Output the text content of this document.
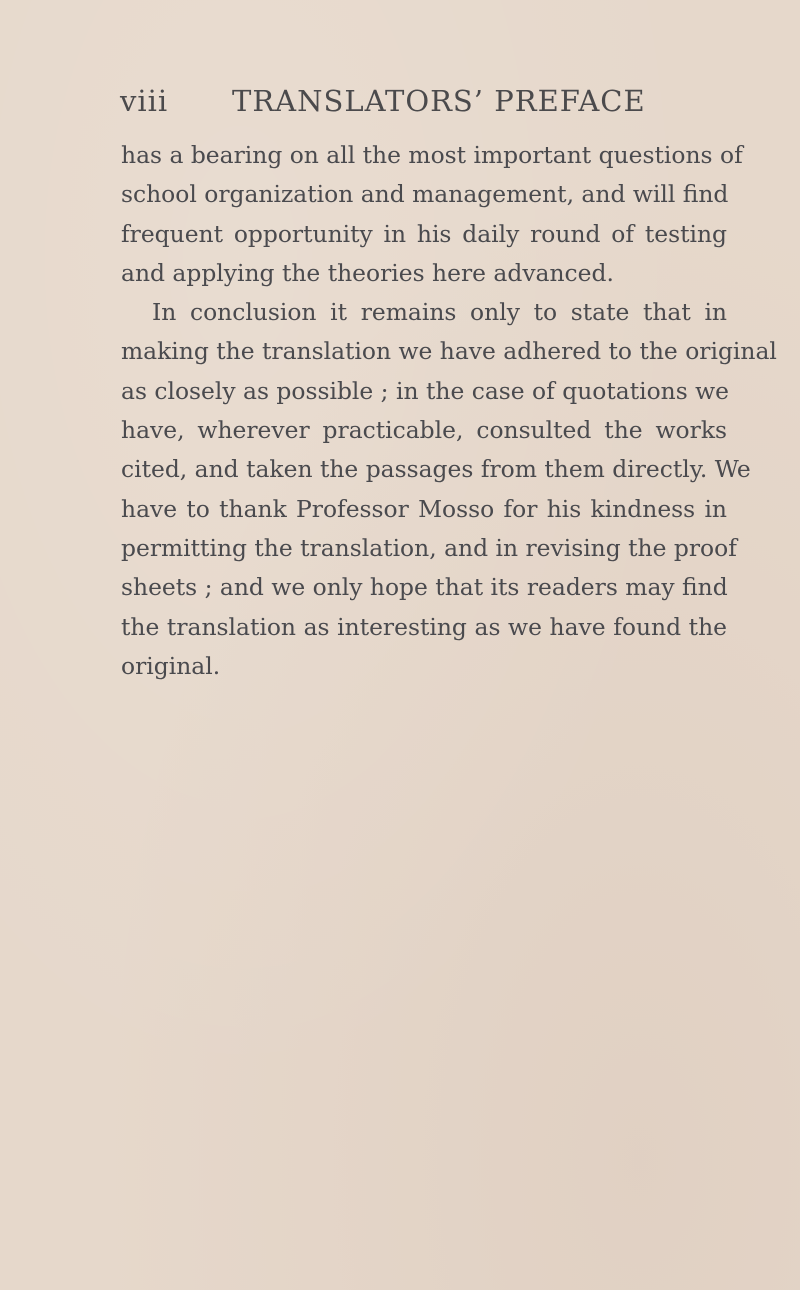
viii TRANSLATORS’ PREFACE

has a bearing on all the most important questions of
school organization and management, and will find
frequent opportunity in his daily round of testing
and applying the theories here advanced.

In conclusion it remains only to state that in
making the translation we have adhered to the original
as closely as possible ; in the case of quotations we
have, wherever practicable, consulted the works
cited, and taken the passages from them directly. We
have to thank Professor Mosso for his kindness in
permitting the translation, and in revising the proof
sheets ; and we only hope that its readers may find
the translation as interesting as we have found the
original.
